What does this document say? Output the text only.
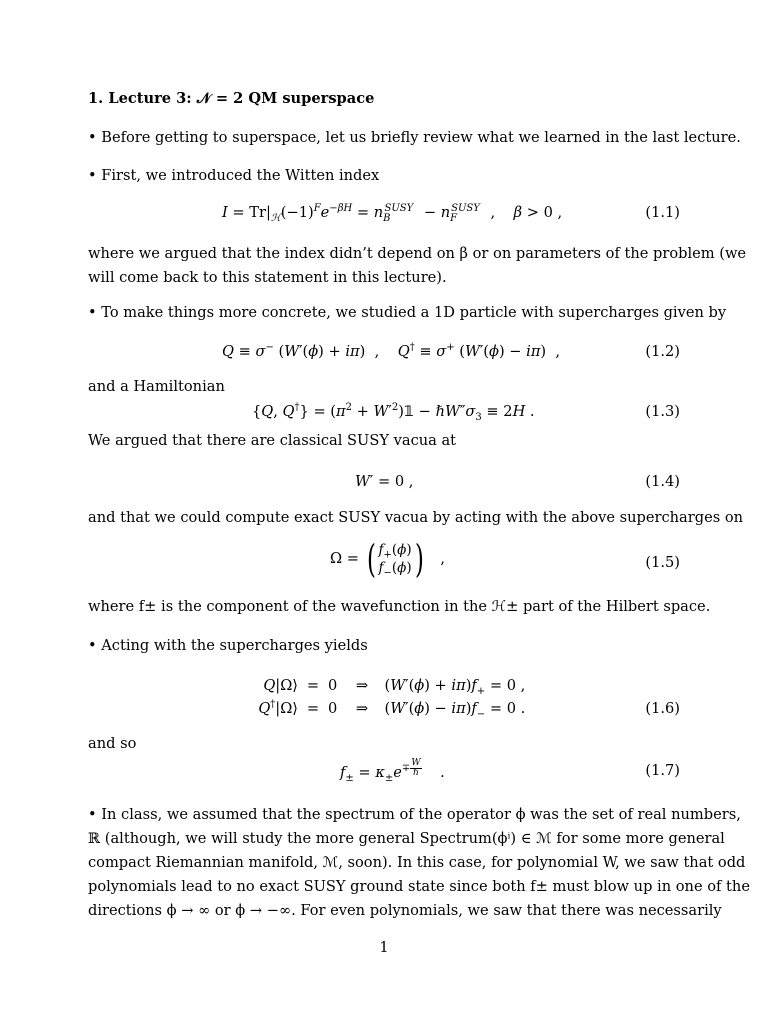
1. Lecture 3: 𝒩 = 2 QM superspace
• Before getting to superspace, let us briefly review what we learned in the last lecture.
• First, we introduced the Witten index
$I = Tr|_ℋ(-1)^Fe^{-\beta H} = n_B^{SUSY} - n_F^{SUSY}$ ,    β > 0 ,	(1.1)
where we argued that the index didn’t depend on β or on parameters of the problem (we
will come back to this statement in this lecture).
• To make things more concrete, we studied a 1D particle with supercharges given by
Q ≡ σ− (W′(ϕ) + iπ)  ,    Q† ≡ σ+ (W′(ϕ) − iπ)  ,	(1.2)
and a Hamiltonian
{Q, $Q^\dagger\} = (\pi^2$ + $W'^2)𝟙$ − $\hbar W''\sigma_3 \equiv 2H$ .	(1.3)
We argued that there are classical SUSY vacua at
W′ = 0 ,	(1.4)
and that we could compute exact SUSY vacua by acting with the above supercharges on
Ω = ( $f_+(\phi)$
$f_-(\phi)$ ) ,	(1.5)
where f± is the component of the wavefunction in the ℋ± part of the Hilbert space.
• Acting with the supercharges yields
Q|Ω⟩ = 0    ⇒
$(W'(\phi) + i\pi)f_+ = 0$ ,
Q†|Ω⟩ = 0    ⇒
$(W'(\phi) - i\pi)f_- = 0$ .	(1.6)
and so
$f_\pm = \kappa_\pm e^{\mp \frac{W}{\text{ℏ}}}$ .	(1.7)
• In class, we assumed that the spectrum of the operator ϕ was the set of real numbers,
ℝ (although, we will study the more general Spectrum(ϕⁱ) ∈ ℳ for some more general
compact Riemannian manifold, ℳ, soon). In this case, for polynomial W, we saw that odd
polynomials lead to no exact SUSY ground state since both f± must blow up in one of the
directions ϕ → ∞ or ϕ → −∞. For even polynomials, we saw that there was necessarily
1
